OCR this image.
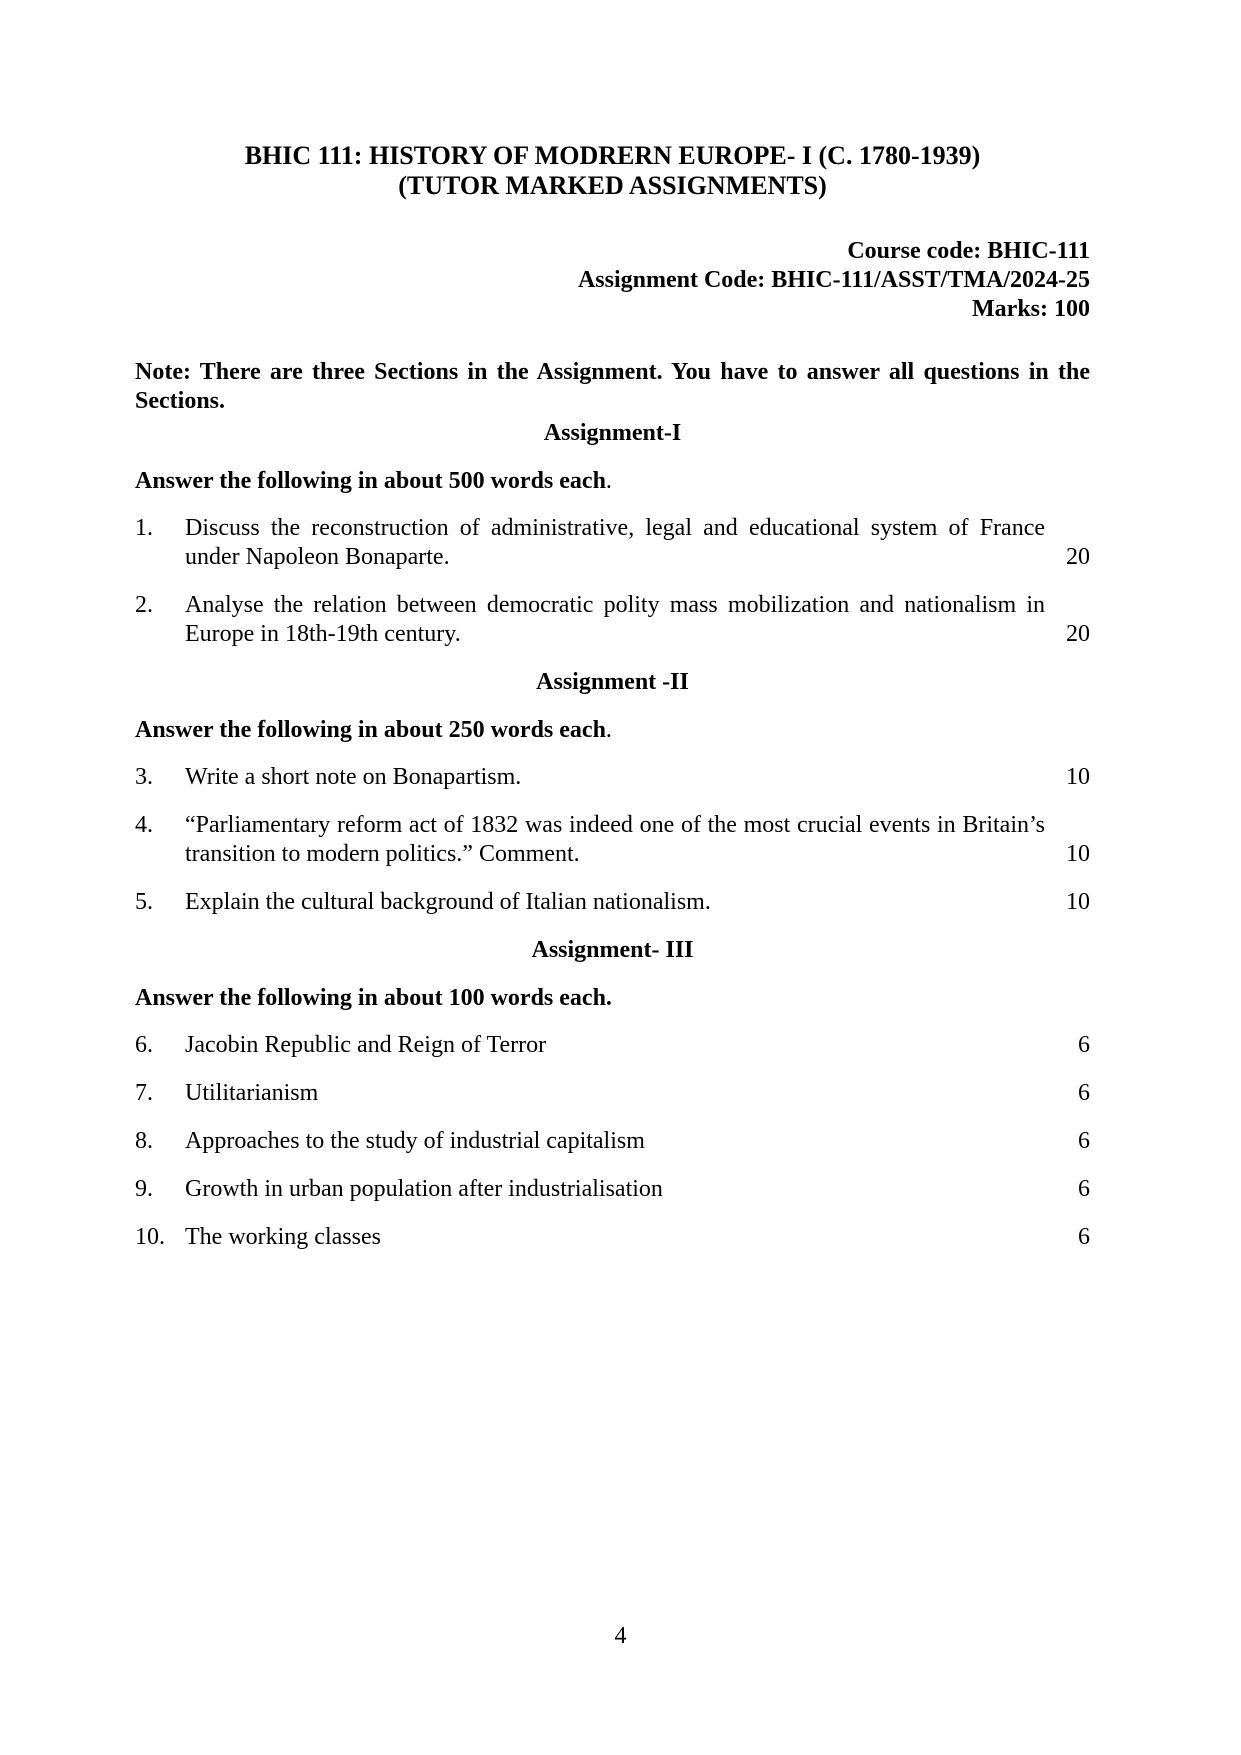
BHIC 111: HISTORY OF MODRERN EUROPE- I (C. 1780-1939)
(TUTOR MARKED ASSIGNMENTS)
Course code: BHIC-111
Assignment Code: BHIC-111/ASST/TMA/2024-25
Marks: 100

Note: There are three Sections in the Assignment. You have to answer all questions in the Sections.

Assignment-I

Answer the following in about 500 words each.

1.	Discuss the reconstruction of administrative, legal and educational system of France under Napoleon Bonaparte.	20
2.	Analyse the relation between democratic polity mass mobilization and nationalism in Europe in 18th-19th century.	20
Assignment -II

Answer the following in about 250 words each.

3.	Write a short note on Bonapartism.	10
4.	“Parliamentary reform act of 1832 was indeed one of the most crucial events in Britain’s transition to modern politics.” Comment.	10
5.	Explain the cultural background of Italian nationalism.	10
Assignment- III

Answer the following in about 100 words each.

6.	Jacobin Republic and Reign of Terror	6
7.	Utilitarianism	6
8.	Approaches to the study of industrial capitalism	6
9.	Growth in urban population after industrialisation	6
10. The working classes	6
4
